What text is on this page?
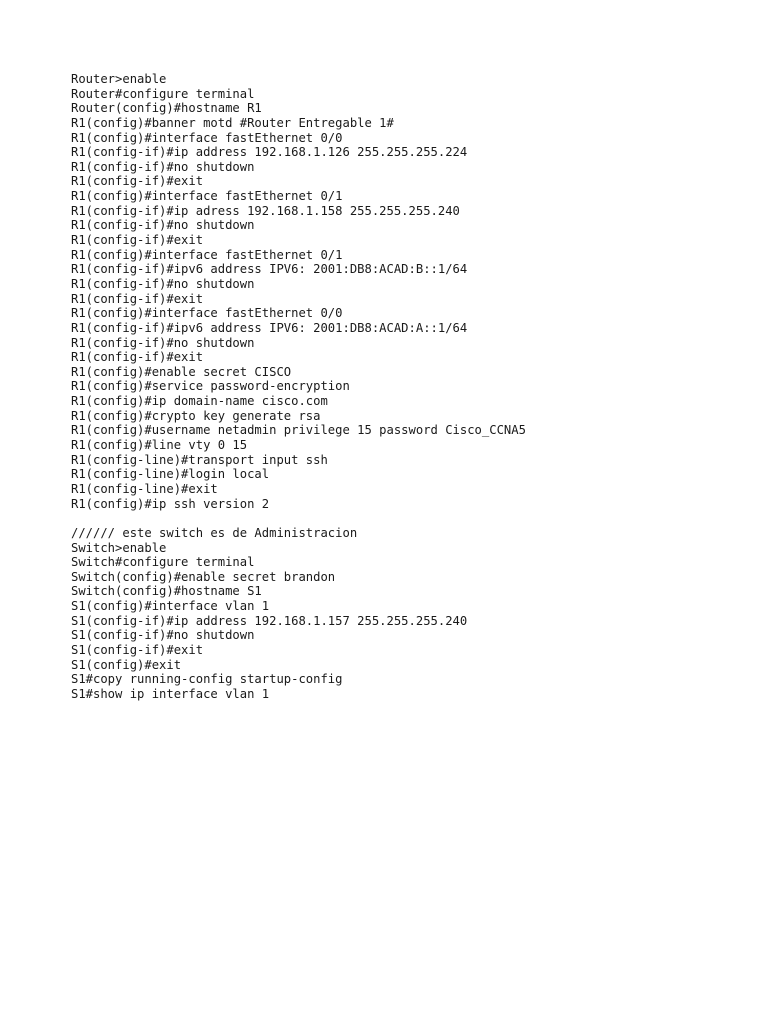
Router>enable
Router#configure terminal
Router(config)#hostname R1
R1(config)#banner motd #Router Entregable 1#
R1(config)#interface fastEthernet 0/0
R1(config-if)#ip address 192.168.1.126 255.255.255.224
R1(config-if)#no shutdown
R1(config-if)#exit
R1(config)#interface fastEthernet 0/1
R1(config-if)#ip adress 192.168.1.158 255.255.255.240
R1(config-if)#no shutdown
R1(config-if)#exit
R1(config)#interface fastEthernet 0/1
R1(config-if)#ipv6 address IPV6: 2001:DB8:ACAD:B::1/64
R1(config-if)#no shutdown
R1(config-if)#exit
R1(config)#interface fastEthernet 0/0
R1(config-if)#ipv6 address IPV6: 2001:DB8:ACAD:A::1/64
R1(config-if)#no shutdown
R1(config-if)#exit
R1(config)#enable secret CISCO
R1(config)#service password-encryption
R1(config)#ip domain-name cisco.com
R1(config)#crypto key generate rsa
R1(config)#username netadmin privilege 15 password Cisco_CCNA5
R1(config)#line vty 0 15
R1(config-line)#transport input ssh
R1(config-line)#login local
R1(config-line)#exit
R1(config)#ip ssh version 2
////// este switch es de Administracion
Switch>enable
Switch#configure terminal
Switch(config)#enable secret brandon
Switch(config)#hostname S1
S1(config)#interface vlan 1
S1(config-if)#ip address 192.168.1.157 255.255.255.240
S1(config-if)#no shutdown
S1(config-if)#exit
S1(config)#exit
S1#copy running-config startup-config
S1#show ip interface vlan 1
